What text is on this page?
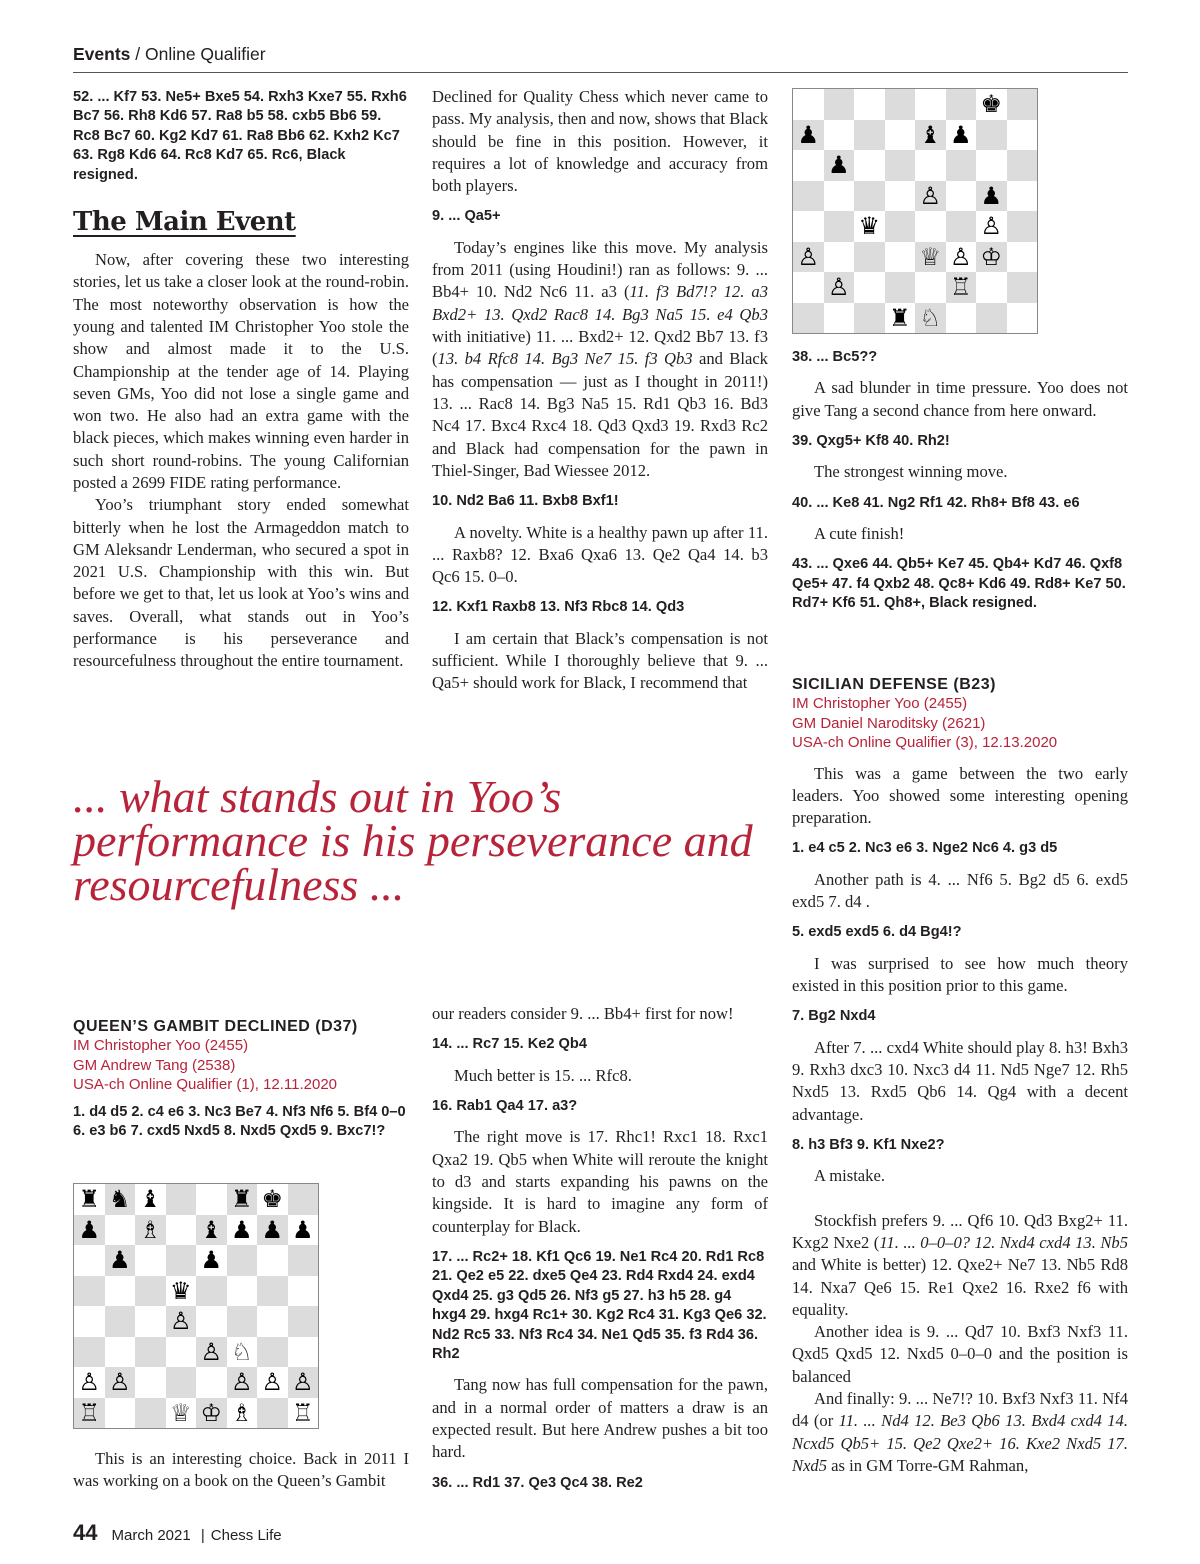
Events / Online Qualifier

52. ... Kf7 53. Ne5+ Bxe5 54. Rxh3 Kxe7 55. Rxh6 Bc7 56. Rh8 Kd6 57. Ra8 b5 58. cxb5 Bb6 59. Rc8 Bc7 60. Kg2 Kd7 61. Ra8 Bb6 62. Kxh2 Kc7 63. Rg8 Kd6 64. Rc8 Kd7 65. Rc6, Black resigned.

The Main Event

Now, after covering these two interesting stories, let us take a closer look at the round-robin. The most noteworthy observation is how the young and talented IM Christopher Yoo stole the show and almost made it to the U.S. Championship at the tender age of 14. Playing seven GMs, Yoo did not lose a single game and won two. He also had an extra game with the black pieces, which makes winning even harder in such short round-robins. The young Californian posted a 2699 FIDE rating performance.

Yoo’s triumphant story ended somewhat bitterly when he lost the Armageddon match to GM Aleksandr Lenderman, who secured a spot in 2021 U.S. Championship with this win. But before we get to that, let us look at Yoo’s wins and saves. Overall, what stands out in Yoo’s performance is his perseverance and resourcefulness throughout the entire tournament.

... what stands out in Yoo’s performance is his perseverance and resourcefulness ...
QUEEN’S GAMBIT DECLINED (D37)
IM Christopher Yoo (2455)
GM Andrew Tang (2538)
USA-ch Online Qualifier (1), 12.11.2020

1. d4 d5 2. c4 e6 3. Nc3 Be7 4. Nf3 Nf6 5. Bf4 0–0 6. e3 b6 7. cxd5 Nxd5 8. Nxd5 Qxd5 9. Bxc7!?

♜ ♞ ♝	♜ ♚
♟ ♗ ♝ ♟ ♟ ♟
♟	♟
♛
♙
♙ ♘
♙ ♙	♙ ♙ ♙
♖	♕ ♔ ♗ ♖

This is an interesting choice. Back in 2011 I was working on a book on the Queen’s Gambit

Declined for Quality Chess which never came to pass. My analysis, then and now, shows that Black should be fine in this position. However, it requires a lot of knowledge and accuracy from both players.

9. ... Qa5+

Today’s engines like this move. My analysis from 2011 (using Houdini!) ran as follows: 9. ... Bb4+ 10. Nd2 Nc6 11. a3 (11. f3 Bd7!? 12. a3 Bxd2+ 13. Qxd2 Rac8 14. Bg3 Na5 15. e4 Qb3 with initiative) 11. ... Bxd2+ 12. Qxd2 Bb7 13. f3 (13. b4 Rfc8 14. Bg3 Ne7 15. f3 Qb3 and Black has compensation — just as I thought in 2011!) 13. ... Rac8 14. Bg3 Na5 15. Rd1 Qb3 16. Bd3 Nc4 17. Bxc4 Rxc4 18. Qd3 Qxd3 19. Rxd3 Rc2 and Black had compensation for the pawn in Thiel-Singer, Bad Wiessee 2012.

10. Nd2 Ba6 11. Bxb8 Bxf1!

A novelty. White is a healthy pawn up after 11. ... Raxb8? 12. Bxa6 Qxa6 13. Qe2 Qa4 14. b3 Qc6 15. 0–0.

12. Kxf1 Raxb8 13. Nf3 Rbc8 14. Qd3

I am certain that Black’s compensation is not sufficient. While I thoroughly believe that 9. ... Qa5+ should work for Black, I recommend that

our readers consider 9. ... Bb4+ first for now!

14. ... Rc7 15. Ke2 Qb4

Much better is 15. ... Rfc8.

16. Rab1 Qa4 17. a3?

The right move is 17. Rhc1! Rxc1 18. Rxc1 Qxa2 19. Qb5 when White will reroute the knight to d3 and starts expanding his pawns on the kingside. It is hard to imagine any form of counterplay for Black.

17. ... Rc2+ 18. Kf1 Qc6 19. Ne1 Rc4 20. Rd1 Rc8 21. Qe2 e5 22. dxe5 Qe4 23. Rd4 Rxd4 24. exd4 Qxd4 25. g3 Qd5 26. Nf3 g5 27. h3 h5 28. g4 hxg4 29. hxg4 Rc1+ 30. Kg2 Rc4 31. Kg3 Qe6 32. Nd2 Rc5 33. Nf3 Rc4 34. Ne1 Qd5 35. f3 Rd4 36. Rh2

Tang now has full compensation for the pawn, and in a normal order of matters a draw is an expected result. But here Andrew pushes a bit too hard.

36. ... Rd1 37. Qe3 Qc4 38. Re2

♚
♟	♝ ♟
♟
♙ ♟
♛	♙
♙	♕ ♙ ♔
♙	♖
♜ ♘

38. ... Bc5??

A sad blunder in time pressure. Yoo does not give Tang a second chance from here onward.

39. Qxg5+ Kf8 40. Rh2!

The strongest winning move.

40. ... Ke8 41. Ng2 Rf1 42. Rh8+ Bf8 43. e6

A cute finish!

43. ... Qxe6 44. Qb5+ Ke7 45. Qb4+ Kd7 46. Qxf8 Qe5+ 47. f4 Qxb2 48. Qc8+ Kd6 49. Rd8+ Ke7 50. Rd7+ Kf6 51. Qh8+, Black resigned.

SICILIAN DEFENSE (B23)
IM Christopher Yoo (2455)
GM Daniel Naroditsky (2621)
USA-ch Online Qualifier (3), 12.13.2020

This was a game between the two early leaders. Yoo showed some interesting opening preparation.

1. e4 c5 2. Nc3 e6 3. Nge2 Nc6 4. g3 d5

Another path is 4. ... Nf6 5. Bg2 d5 6. exd5 exd5 7. d4 .

5. exd5 exd5 6. d4 Bg4!?

I was surprised to see how much theory existed in this position prior to this game.

7. Bg2 Nxd4

After 7. ... cxd4 White should play 8. h3! Bxh3 9. Rxh3 dxc3 10. Nxc3 d4 11. Nd5 Nge7 12. Rh5 Nxd5 13. Rxd5 Qb6 14. Qg4 with a decent advantage.

8. h3 Bf3 9. Kf1 Nxe2?

A mistake.

Stockfish prefers 9. ... Qf6 10. Qd3 Bxg2+ 11. Kxg2 Nxe2 (11. ... 0–0–0? 12. Nxd4 cxd4 13. Nb5 and White is better) 12. Qxe2+ Ne7 13. Nb5 Rd8 14. Nxa7 Qe6 15. Re1 Qxe2 16. Rxe2 f6 with equality.

Another idea is 9. ... Qd7 10. Bxf3 Nxf3 11. Qxd5 Qxd5 12. Nxd5 0–0–0 and the position is balanced

And finally: 9. ... Ne7!? 10. Bxf3 Nxf3 11. Nf4 d4 (or 11. ... Nd4 12. Be3 Qb6 13. Bxd4 cxd4 14. Ncxd5 Qb5+ 15. Qe2 Qxe2+ 16. Kxe2 Nxd5 17. Nxd5 as in GM Torre-GM Rahman,

44 March 2021 | Chess Life
